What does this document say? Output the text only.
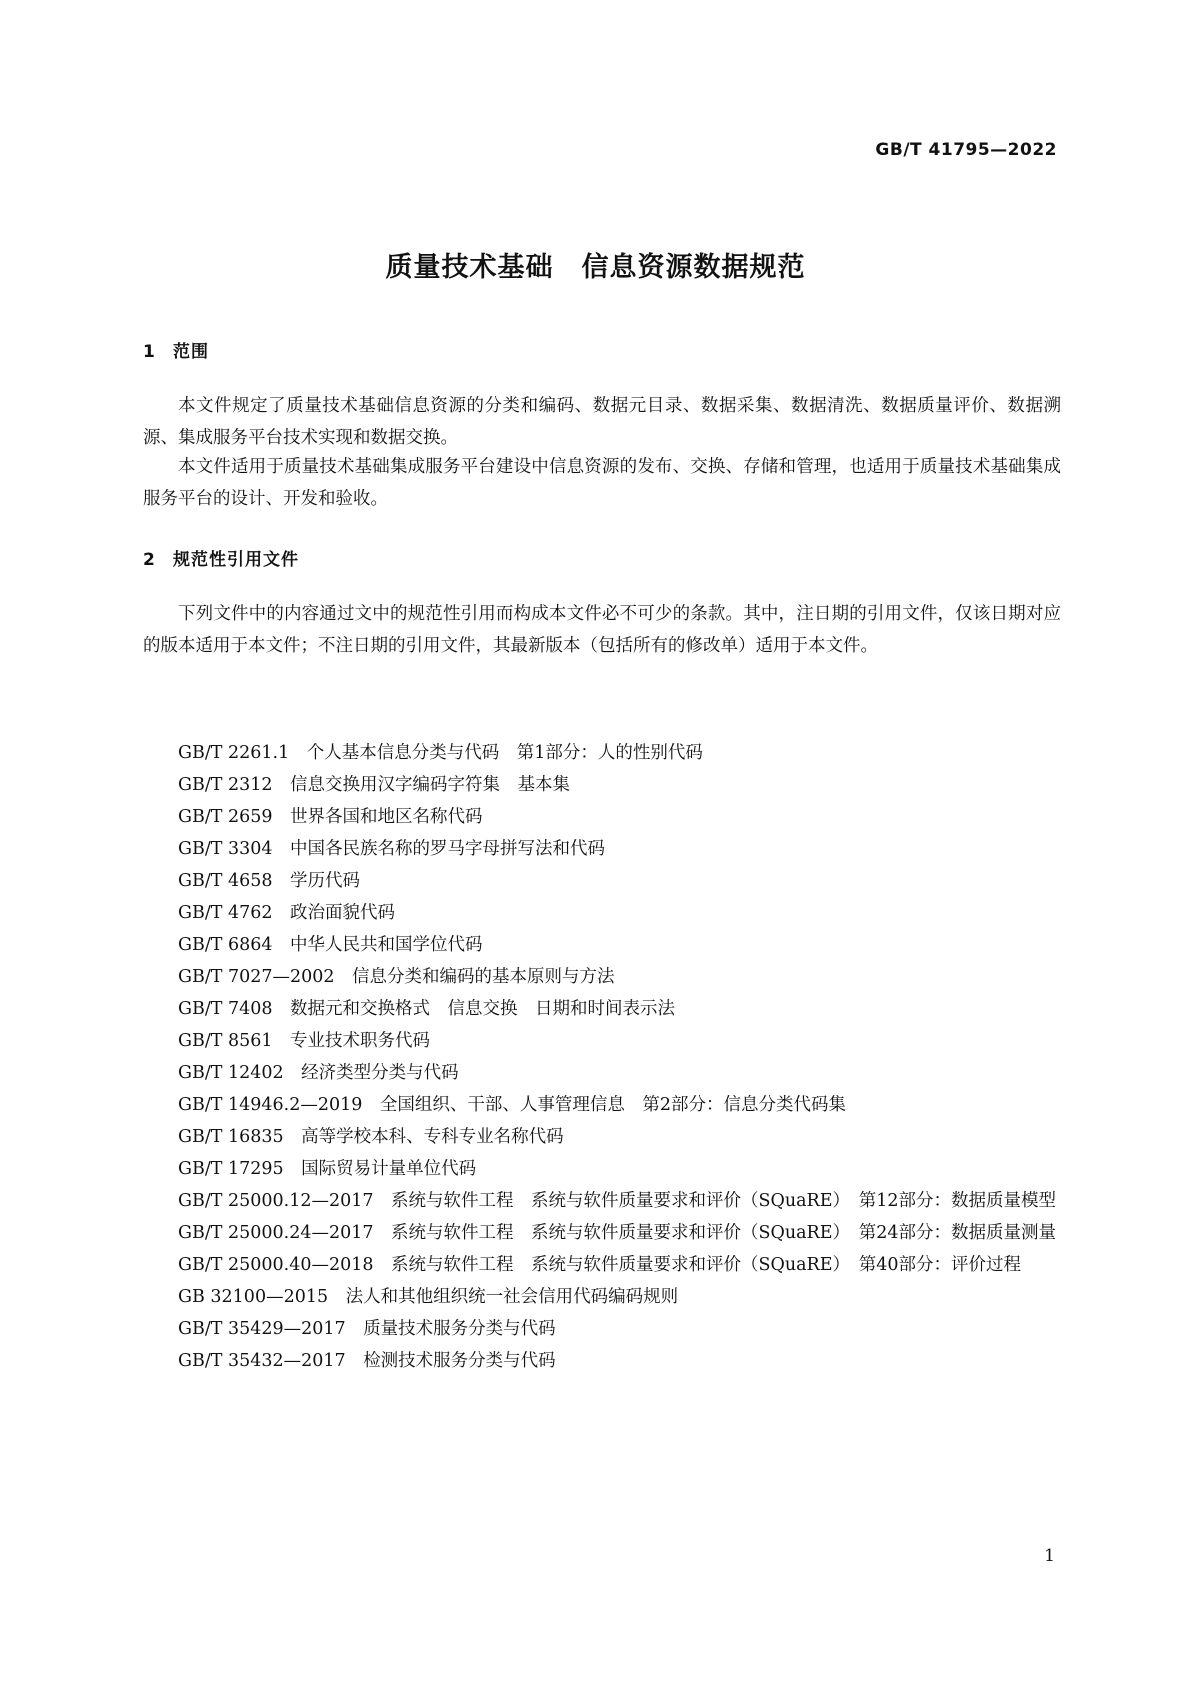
GB/T 41795—2022
质量技术基础　信息资源数据规范
1 范围

本文件规定了质量技术基础信息资源的分类和编码、数据元目录、数据采集、数据清洗、数据质量评价、数据溯源、集成服务平台技术实现和数据交换。

本文件适用于质量技术基础集成服务平台建设中信息资源的发布、交换、存储和管理，也适用于质量技术基础集成服务平台的设计、开发和验收。

2 规范性引用文件

下列文件中的内容通过文中的规范性引用而构成本文件必不可少的条款。其中，注日期的引用文件，仅该日期对应的版本适用于本文件；不注日期的引用文件，其最新版本（包括所有的修改单）适用于本文件。

GB/T 2261.1　 个人基本信息分类与代码　第1部分：人的性别代码
GB/T 2312　 信息交换用汉字编码字符集　基本集
GB/T 2659　 世界各国和地区名称代码
GB/T 3304　 中国各民族名称的罗马字母拼写法和代码
GB/T 4658　 学历代码
GB/T 4762　 政治面貌代码
GB/T 6864　 中华人民共和国学位代码
GB/T 7027—2002　 信息分类和编码的基本原则与方法
GB/T 7408　 数据元和交换格式　信息交换　日期和时间表示法
GB/T 8561　 专业技术职务代码
GB/T 12402　 经济类型分类与代码
GB/T 14946.2—2019　 全国组织、干部、人事管理信息　第2部分：信息分类代码集
GB/T 16835　 高等学校本科、专科专业名称代码
GB/T 17295　 国际贸易计量单位代码
GB/T 25000.12—2017　 系统与软件工程　系统与软件质量要求和评价（SQuaRE）　第12部分：数据质量模型
GB/T 25000.24—2017　 系统与软件工程　系统与软件质量要求和评价（SQuaRE）　第24部分：数据质量测量
GB/T 25000.40—2018　 系统与软件工程　系统与软件质量要求和评价（SQuaRE）　第40部分：评价过程
GB 32100—2015　 法人和其他组织统一社会信用代码编码规则
GB/T 35429—2017　 质量技术服务分类与代码
GB/T 35432—2017　 检测技术服务分类与代码
1
